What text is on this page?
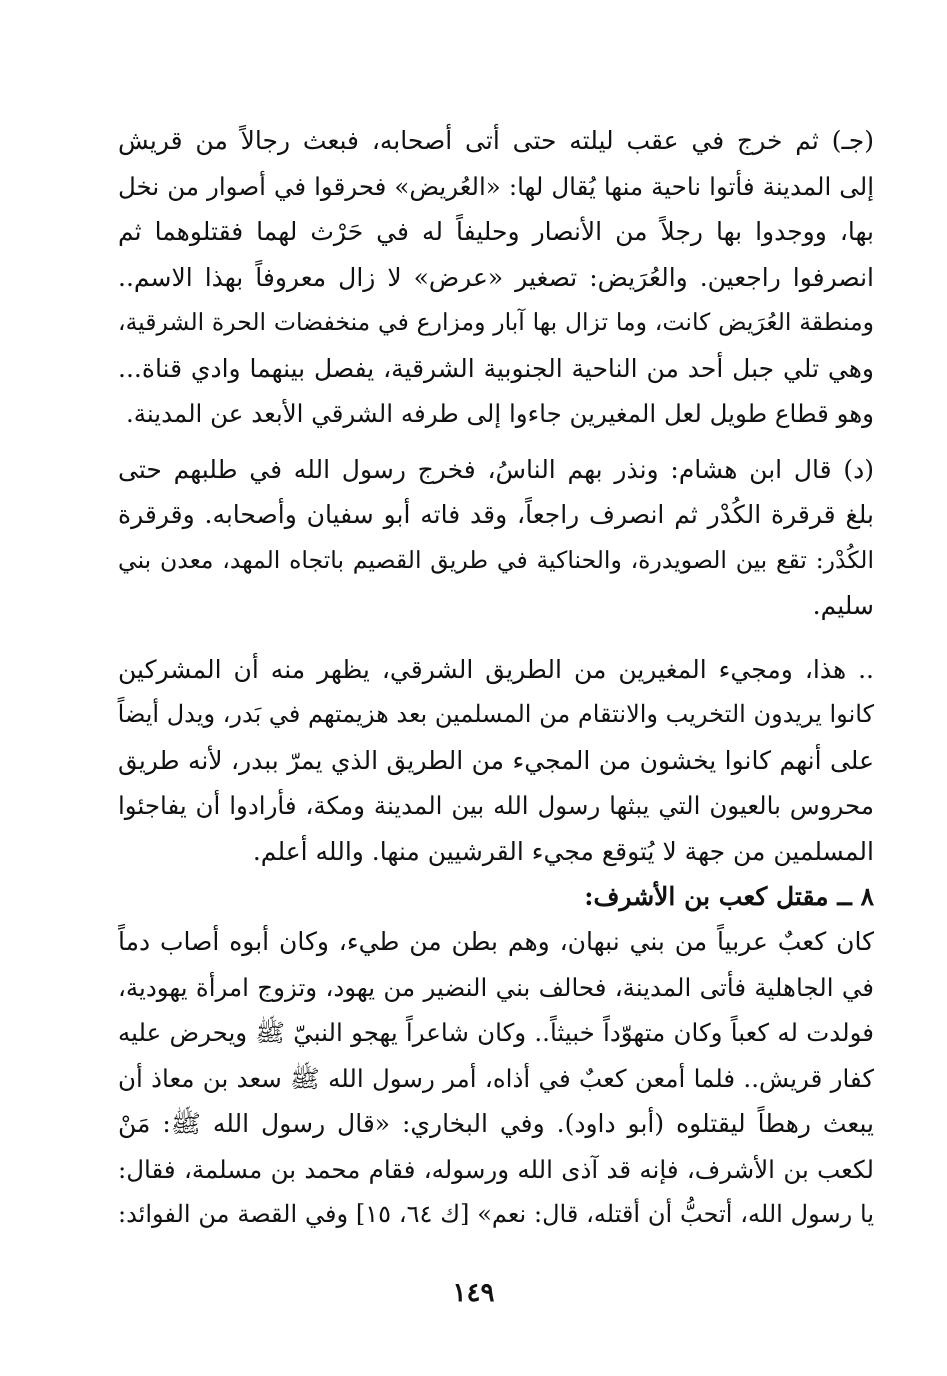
(جـ) ثم خرج في عقب ليلته حتى أتى أصحابه، فبعث رجالاً من قريش
إلى المدينة فأتوا ناحية منها يُقال لها: «العُريض» فحرقوا في أصوار من نخل
بها، ووجدوا بها رجلاً من الأنصار وحليفاً له في حَرْث لهما فقتلوهما ثم
انصرفوا راجعين. والعُرَيض: تصغير «عرض» لا زال معروفاً بهذا الاسم..
ومنطقة العُرَيض كانت، وما تزال بها آبار ومزارع في منخفضات الحرة الشرقية،
وهي تلي جبل أحد من الناحية الجنوبية الشرقية، يفصل بينهما وادي قناة...
وهو قطاع طويل لعل المغيرين جاءوا إلى طرفه الشرقي الأبعد عن المدينة.

(د) قال ابن هشام: ونذر بهم الناسُ، فخرج رسول الله في طلبهم حتى
بلغ قرقرة الكُدْر ثم انصرف راجعاً، وقد فاته أبو سفيان وأصحابه. وقرقرة
الكُدْر: تقع بين الصويدرة، والحناكية في طريق القصيم باتجاه المهد، معدن بني
سليم.

.. هذا، ومجيء المغيرين من الطريق الشرقي، يظهر منه أن المشركين
كانوا يريدون التخريب والانتقام من المسلمين بعد هزيمتهم في بَدر، ويدل أيضاً
على أنهم كانوا يخشون من المجيء من الطريق الذي يمرّ ببدر، لأنه طريق
محروس بالعيون التي يبثها رسول الله بين المدينة ومكة، فأرادوا أن يفاجئوا
المسلمين من جهة لا يُتوقع مجيء القرشيين منها. والله أعلم.

٨ ــ مقتل كعب بن الأشرف:

كان كعبٌ عربياً من بني نبهان، وهم بطن من طيء، وكان أبوه أصاب دماً
في الجاهلية فأتى المدينة، فحالف بني النضير من يهود، وتزوج امرأة يهودية،
فولدت له كعباً وكان متهوّداً خبيثاً.. وكان شاعراً يهجو النبيّ ﷺ ويحرض عليه
كفار قريش.. فلما أمعن كعبٌ في أذاه، أمر رسول الله ﷺ سعد بن معاذ أن
يبعث رهطاً ليقتلوه (أبو داود). وفي البخاري: «قال رسول الله ﷺ: مَنْ
لكعب بن الأشرف، فإنه قد آذى الله ورسوله، فقام محمد بن مسلمة، فقال:
يا رسول الله، أتحبُّ أن أقتله، قال: نعم» [ك ٦٤، ١٥] وفي القصة من الفوائد:

١٤٩
